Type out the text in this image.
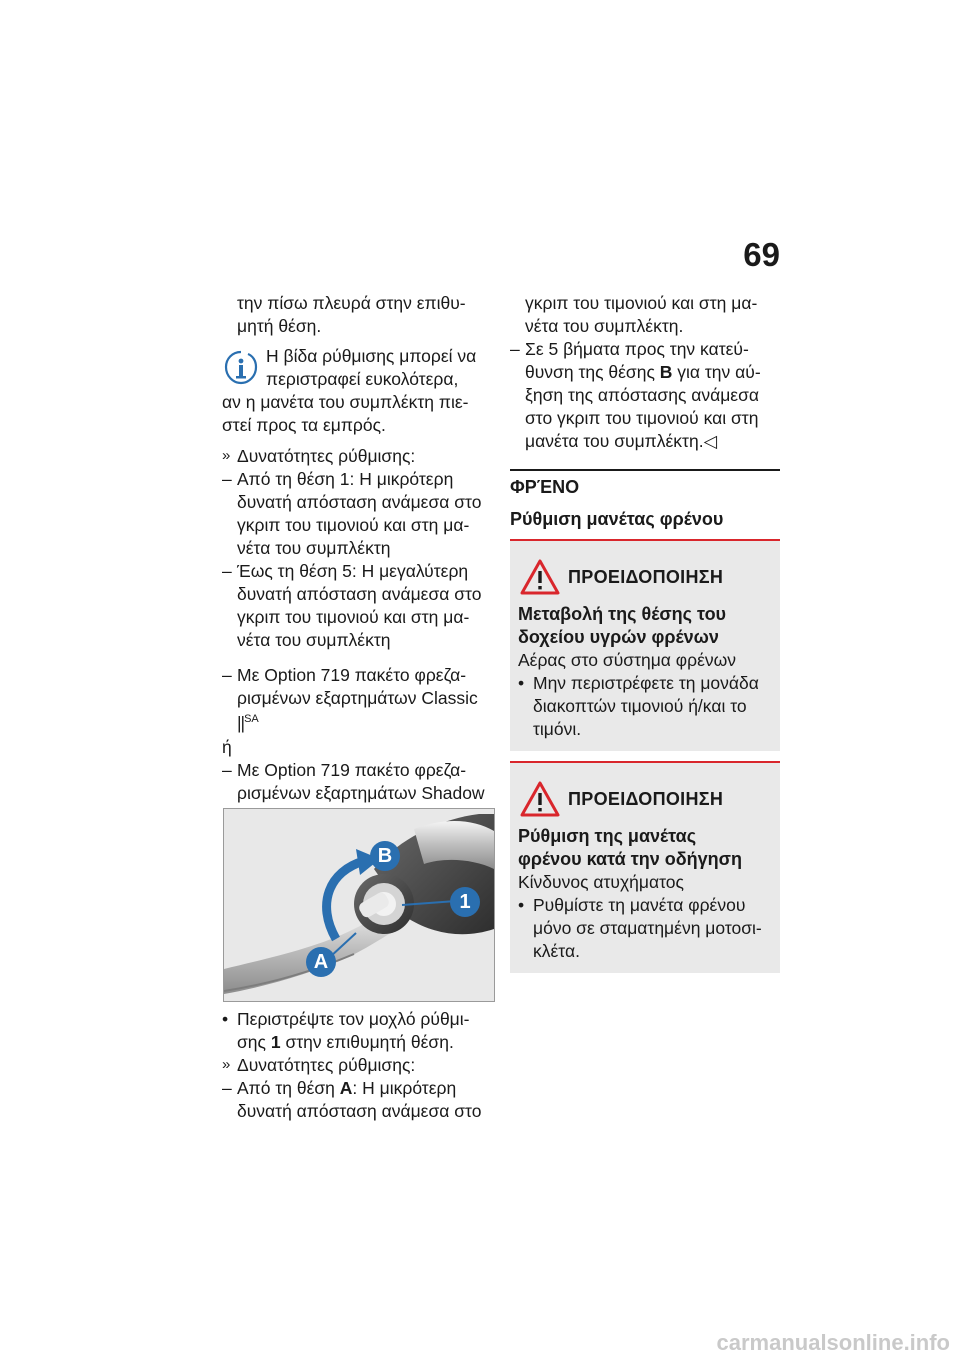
69

την πίσω πλευρά στην επιθυ-

μητή θέση.

Η βίδα ρύθμισης μπορεί να
περιστραφεί ευκολότερα,
αν η μανέτα του συμπλέκτη πιε-
στεί προς τα εμπρός.

» Δυνατότητες ρύθμισης:

– Από τη θέση 1: Η μικρότερη
δυνατή απόσταση ανάμεσα στο
γκριπ του τιμονιού και στη μα-
νέτα του συμπλέκτη
– Έως τη θέση 5: Η μεγαλύτερη
δυνατή απόσταση ανάμεσα στο
γκριπ του τιμονιού και στη μα-
νέτα του συμπλέκτη
– Με Option 719 πακέτο φρεζα-
ρισμένων εξαρτημάτων Classic
$||^{SA}$
ή
– Με Option 719 πακέτο φρεζα-
ρισμένων εξαρτημάτων Shadow
B
1
A
• Περιστρέψτε τον μοχλό ρύθμι-
σης 1 στην επιθυμητή θέση.

» Δυνατότητες ρύθμισης:

– Από τη θέση A: Η μικρότερη
δυνατή απόσταση ανάμεσα στο
γκριπ του τιμονιού και στη μα-
νέτα του συμπλέκτη.
– Σε 5 βήματα προς την κατεύ-
θυνση της θέσης B για την αύ-
ξηση της απόστασης ανάμεσα
στο γκριπ του τιμονιού και στη
μανέτα του συμπλέκτη.◁

ΦΡΈΝΟ

Ρύθμιση μανέτας φρένου

ΠΡΟΕΙΔΟΠΟΙΗΣΗ
Μεταβολή της θέσης του
δοχείου υγρών φρένων
Αέρας στο σύστημα φρένων
• Μην περιστρέφετε τη μονάδα
διακοπτών τιμονιού ή/και το
τιμόνι.
ΠΡΟΕΙΔΟΠΟΙΗΣΗ
Ρύθμιση της μανέτας
φρένου κατά την οδήγηση
Κίνδυνος ατυχήματος
• Ρυθμίστε τη μανέτα φρένου
μόνο σε σταματημένη μοτοσι-
κλέτα.
carmanualsonline.info
